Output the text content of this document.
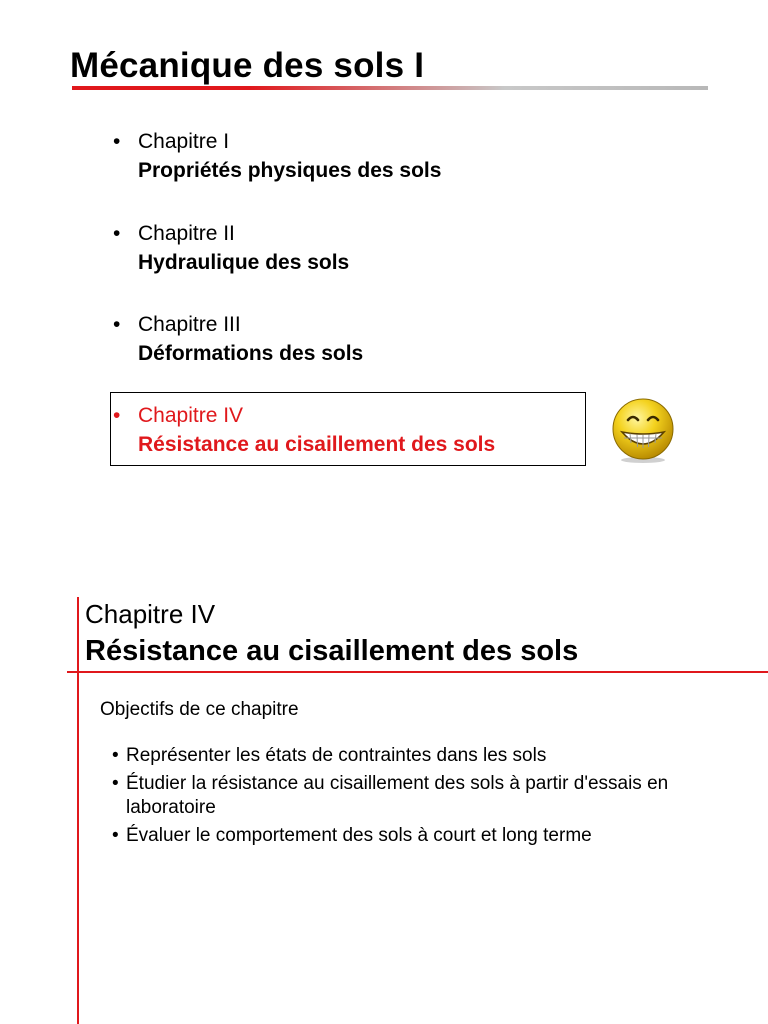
Mécanique des sols I
• Chapitre I
Propriétés physiques des sols
• Chapitre II
Hydraulique des sols
• Chapitre III
Déformations des sols
• Chapitre IV
Résistance au cisaillement des sols
Chapitre IV
Résistance au cisaillement des sols
Objectifs de ce chapitre
• Représenter les états de contraintes dans les sols
• Étudier la résistance au cisaillement des sols à partir d'essais en laboratoire
• Évaluer le comportement des sols à court et long terme
